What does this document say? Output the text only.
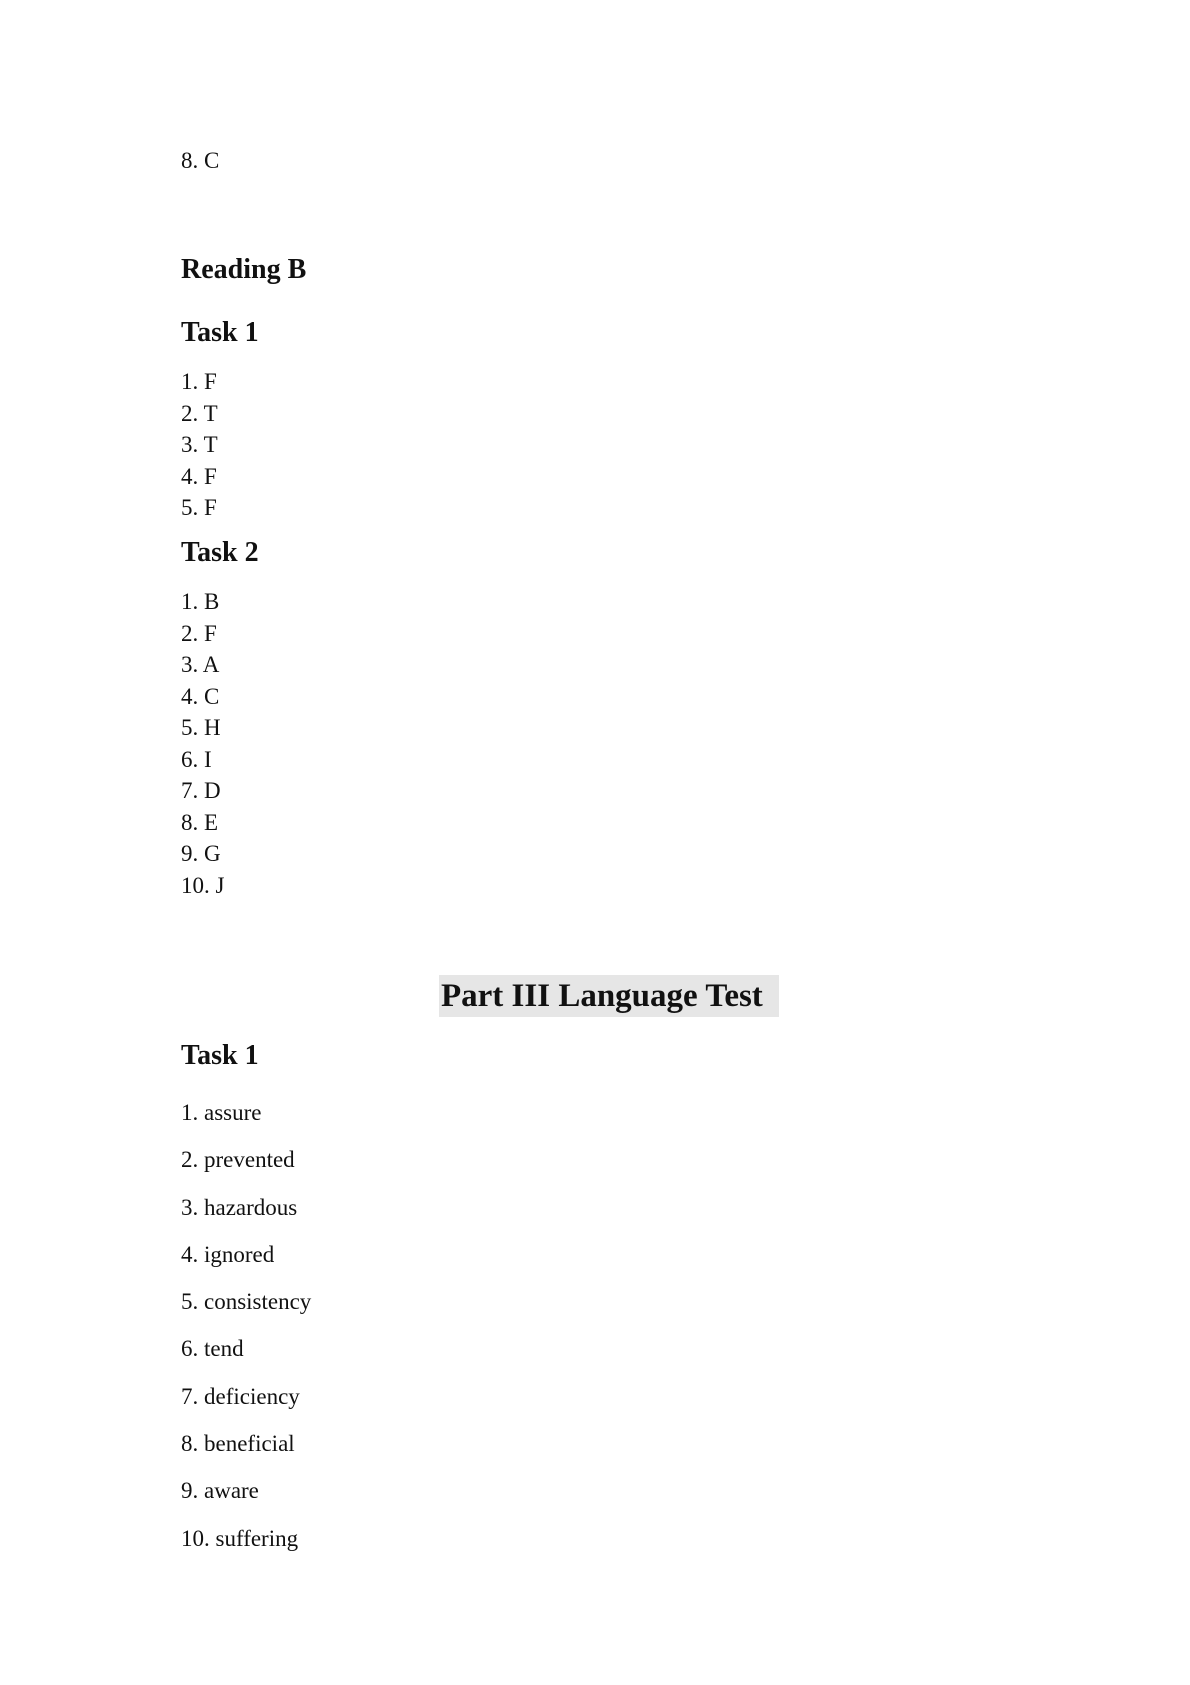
8. C
Reading B
Task 1
1. F
2. T
3. T
4. F
5. F
Task 2
1. B
2. F
3. A
4. C
5. H
6. I
7. D
8. E
9. G
10. J
Part III Language Test
Task 1
1. assure
2. prevented
3. hazardous
4. ignored
5. consistency
6. tend
7. deficiency
8. beneficial
9. aware
10. suffering
